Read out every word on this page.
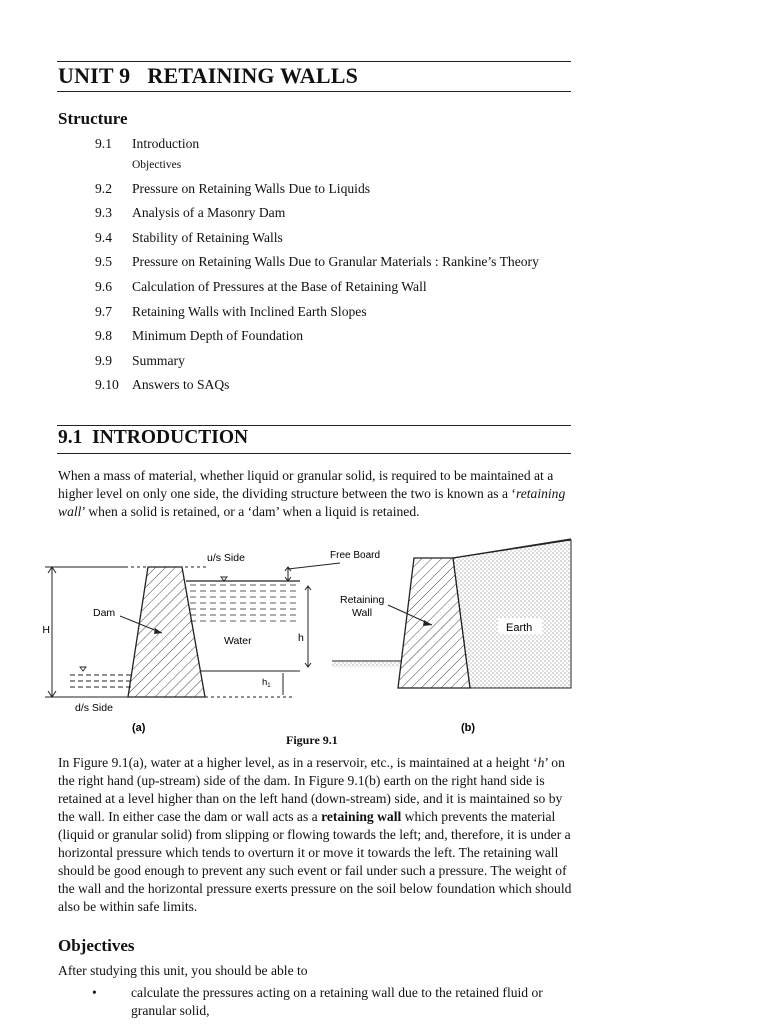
UNIT 9   RETAINING WALLS
Structure
9.1	Introduction
Objectives
9.2	Pressure on Retaining Walls Due to Liquids
9.3	Analysis of a Masonry Dam
9.4	Stability of Retaining Walls
9.5	Pressure on Retaining Walls Due to Granular Materials : Rankine’s Theory
9.6	Calculation of Pressures at the Base of Retaining Wall
9.7	Retaining Walls with Inclined Earth Slopes
9.8	Minimum Depth of Foundation
9.9	Summary
9.10 Answers to SAQs
9.1  INTRODUCTION
When a mass of material, whether liquid or granular solid, is required to be maintained at a higher level on only one side, the dividing structure between the two is known as a ‘retaining wall’ when a solid is retained, or a ‘dam’ when a liquid is retained.
H
Free Board
h
$h_1$
u/s Side
d/s Side
Dam
Water
(a)
Retaining
Wall
Earth
(b)
Figure 9.1
In Figure 9.1(a), water at a higher level, as in a reservoir, etc., is maintained at a height ‘h’ on the right hand (up-stream) side of the dam. In Figure 9.1(b) earth on the right hand side is retained at a level higher than on the left hand (down-stream) side, and it is maintained so by the wall. In either case the dam or wall acts as a retaining wall which prevents the material (liquid or granular solid) from slipping or flowing towards the left; and, therefore, it is under a horizontal pressure which tends to overturn it or move it towards the left. The retaining wall should be good enough to prevent any such event or fail under such a pressure. The weight of the wall and the horizontal pressure exerts pressure on the soil below foundation which should also be within safe limits.
Objectives
After studying this unit, you should be able to
•	calculate the pressures acting on a retaining wall due to the retained fluid or granular solid,
